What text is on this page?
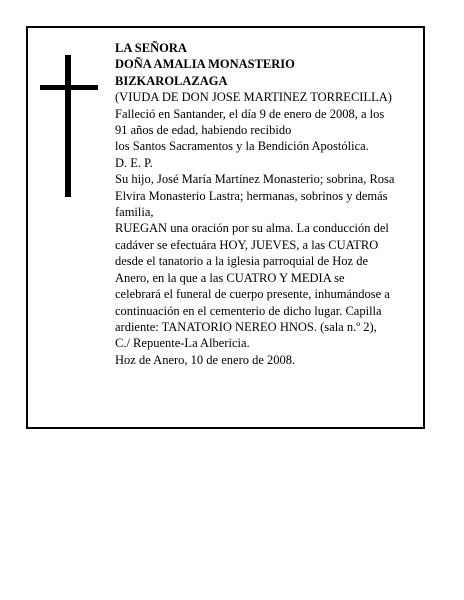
LA SEÑORA
DOÑA AMALIA MONASTERIO
BIZKAROLAZAGA
(VIUDA DE DON JOSE MARTINEZ TORRECILLA)
Falleció en Santander, el día 9 de enero de 2008, a los
91 años de edad, habiendo recibido
los Santos Sacramentos y la Bendición Apostólica.
D. E. P.
Su hijo, José María Martínez Monasterio; sobrina, Rosa
Elvira Monasterio Lastra; hermanas, sobrinos y demás
familia,
RUEGAN una oración por su alma. La conducción del
cadáver se efectuára HOY, JUEVES, a las CUATRO
desde el tanatorio a la iglesia parroquial de Hoz de
Anero, en la que a las CUATRO Y MEDIA se
celebrará el funeral de cuerpo presente, inhumándose a
continuación en el cementerio de dicho lugar. Capilla
ardiente: TANATORIO NEREO HNOS. (sala n.º 2),
C./ Repuente-La Albericia.
Hoz de Anero, 10 de enero de 2008.
